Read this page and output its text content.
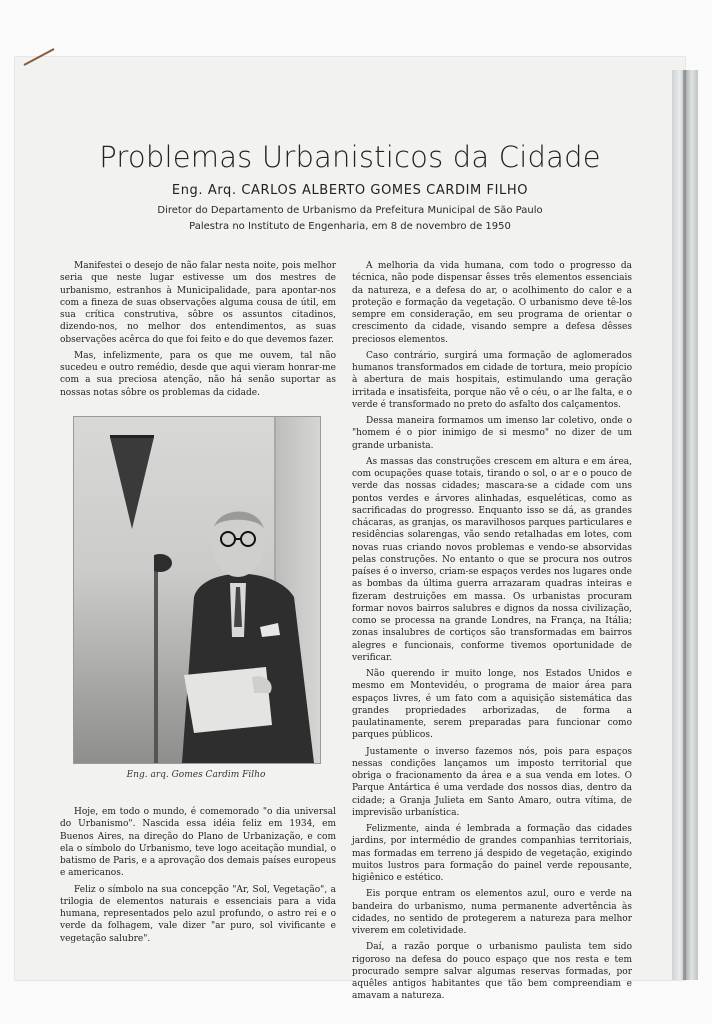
Problemas Urbanisticos da Cidade
Eng. Arq. CARLOS ALBERTO GOMES CARDIM FILHO
Diretor do Departamento de Urbanismo da Prefeitura Municipal de São Paulo
Palestra no Instituto de Engenharia, em 8 de novembro de 1950

Manifestei o desejo de não falar nesta noite, pois melhor seria que neste lugar estivesse um dos mestres de urbanismo, estranhos à Municipalidade, para apontar-nos com a fineza de suas observações alguma cousa de útil, em sua crítica construtiva, sôbre os assuntos citadinos, dizendo-nos, no melhor dos entendimentos, as suas observações acêrca do que foi feito e do que devemos fazer.

Mas, infelizmente, para os que me ouvem, tal não sucedeu e outro remédio, desde que aqui vieram honrar-me com a sua preciosa atenção, não há senão suportar as nossas notas sôbre os problemas da cidade.

Eng. arq. Gomes Cardim Filho

Hoje, em todo o mundo, é comemorado "o dia universal do Urbanismo". Nascida essa idéia feliz em 1934, em Buenos Aires, na direção do Plano de Urbanização, e com ela o símbolo do Urbanismo, teve logo aceitação mundial, o batismo de Paris, e a aprovação dos demais países europeus e americanos.

Feliz o símbolo na sua concepção "Ar, Sol, Vegetação", a trilogia de elementos naturais e essenciais para a vida humana, representados pelo azul profundo, o astro rei e o verde da folhagem, vale dizer "ar puro, sol vivificante e vegetação salubre".

A melhoria da vida humana, com todo o progresso da técnica, não pode dispensar êsses três elementos essenciais da natureza, e a defesa do ar, o acolhimento do calor e a proteção e formação da vegetação. O urbanismo deve tê-los sempre em consideração, em seu programa de orientar o crescimento da cidade, visando sempre a defesa dêsses preciosos elementos.

Caso contrário, surgirá uma formação de aglomerados humanos transformados em cidade de tortura, meio propício à abertura de mais hospitais, estimulando uma geração irritada e insatisfeita, porque não vê o céu, o ar lhe falta, e o verde é transformado no preto do asfalto dos calçamentos.

Dessa maneira formamos um imenso lar coletivo, onde o "homem é o pior inimigo de si mesmo" no dizer de um grande urbanista.

As massas das construções crescem em altura e em área, com ocupações quase totais, tirando o sol, o ar e o pouco de verde das nossas cidades; mascara-se a cidade com uns pontos verdes e árvores alinhadas, esqueléticas, como as sacrificadas do progresso. Enquanto isso se dá, as grandes chácaras, as granjas, os maravilhosos parques particulares e residências solarengas, vão sendo retalhadas em lotes, com novas ruas criando novos problemas e vendo-se absorvidas pelas construções. No entanto o que se procura nos outros países é o inverso, criam-se espaços verdes nos lugares onde as bombas da última guerra arrazaram quadras inteiras e fizeram destruições em massa. Os urbanistas procuram formar novos bairros salubres e dignos da nossa civilização, como se processa na grande Londres, na França, na Itália; zonas insalubres de cortiços são transformadas em bairros alegres e funcionais, conforme tivemos oportunidade de verificar.

Não querendo ir muito longe, nos Estados Unidos e mesmo em Montevidéu, o programa de maior área para espaços livres, é um fato com a aquisição sistemática das grandes propriedades arborizadas, de forma a paulatinamente, serem preparadas para funcionar como parques públicos.

Justamente o inverso fazemos nós, pois para espaços nessas condições lançamos um imposto territorial que obriga o fracionamento da área e a sua venda em lotes. O Parque Antártica é uma verdade dos nossos dias, dentro da cidade; a Granja Julieta em Santo Amaro, outra vítima, de imprevisão urbanística.

Felizmente, ainda é lembrada a formação das cidades jardins, por intermédio de grandes companhias territoriais, mas formadas em terreno já despido de vegetação, exigindo muitos lustros para formação do painel verde repousante, higiênico e estético.

Eis porque entram os elementos azul, ouro e verde na bandeira do urbanismo, numa permanente advertência às cidades, no sentido de protegerem a natureza para melhor viverem em coletividade.

Daí, a razão porque o urbanismo paulista tem sido rigoroso na defesa do pouco espaço que nos resta e tem procurado sempre salvar algumas reservas formadas, por aquêles antigos habitantes que tão bem compreendiam e amavam a natureza.
